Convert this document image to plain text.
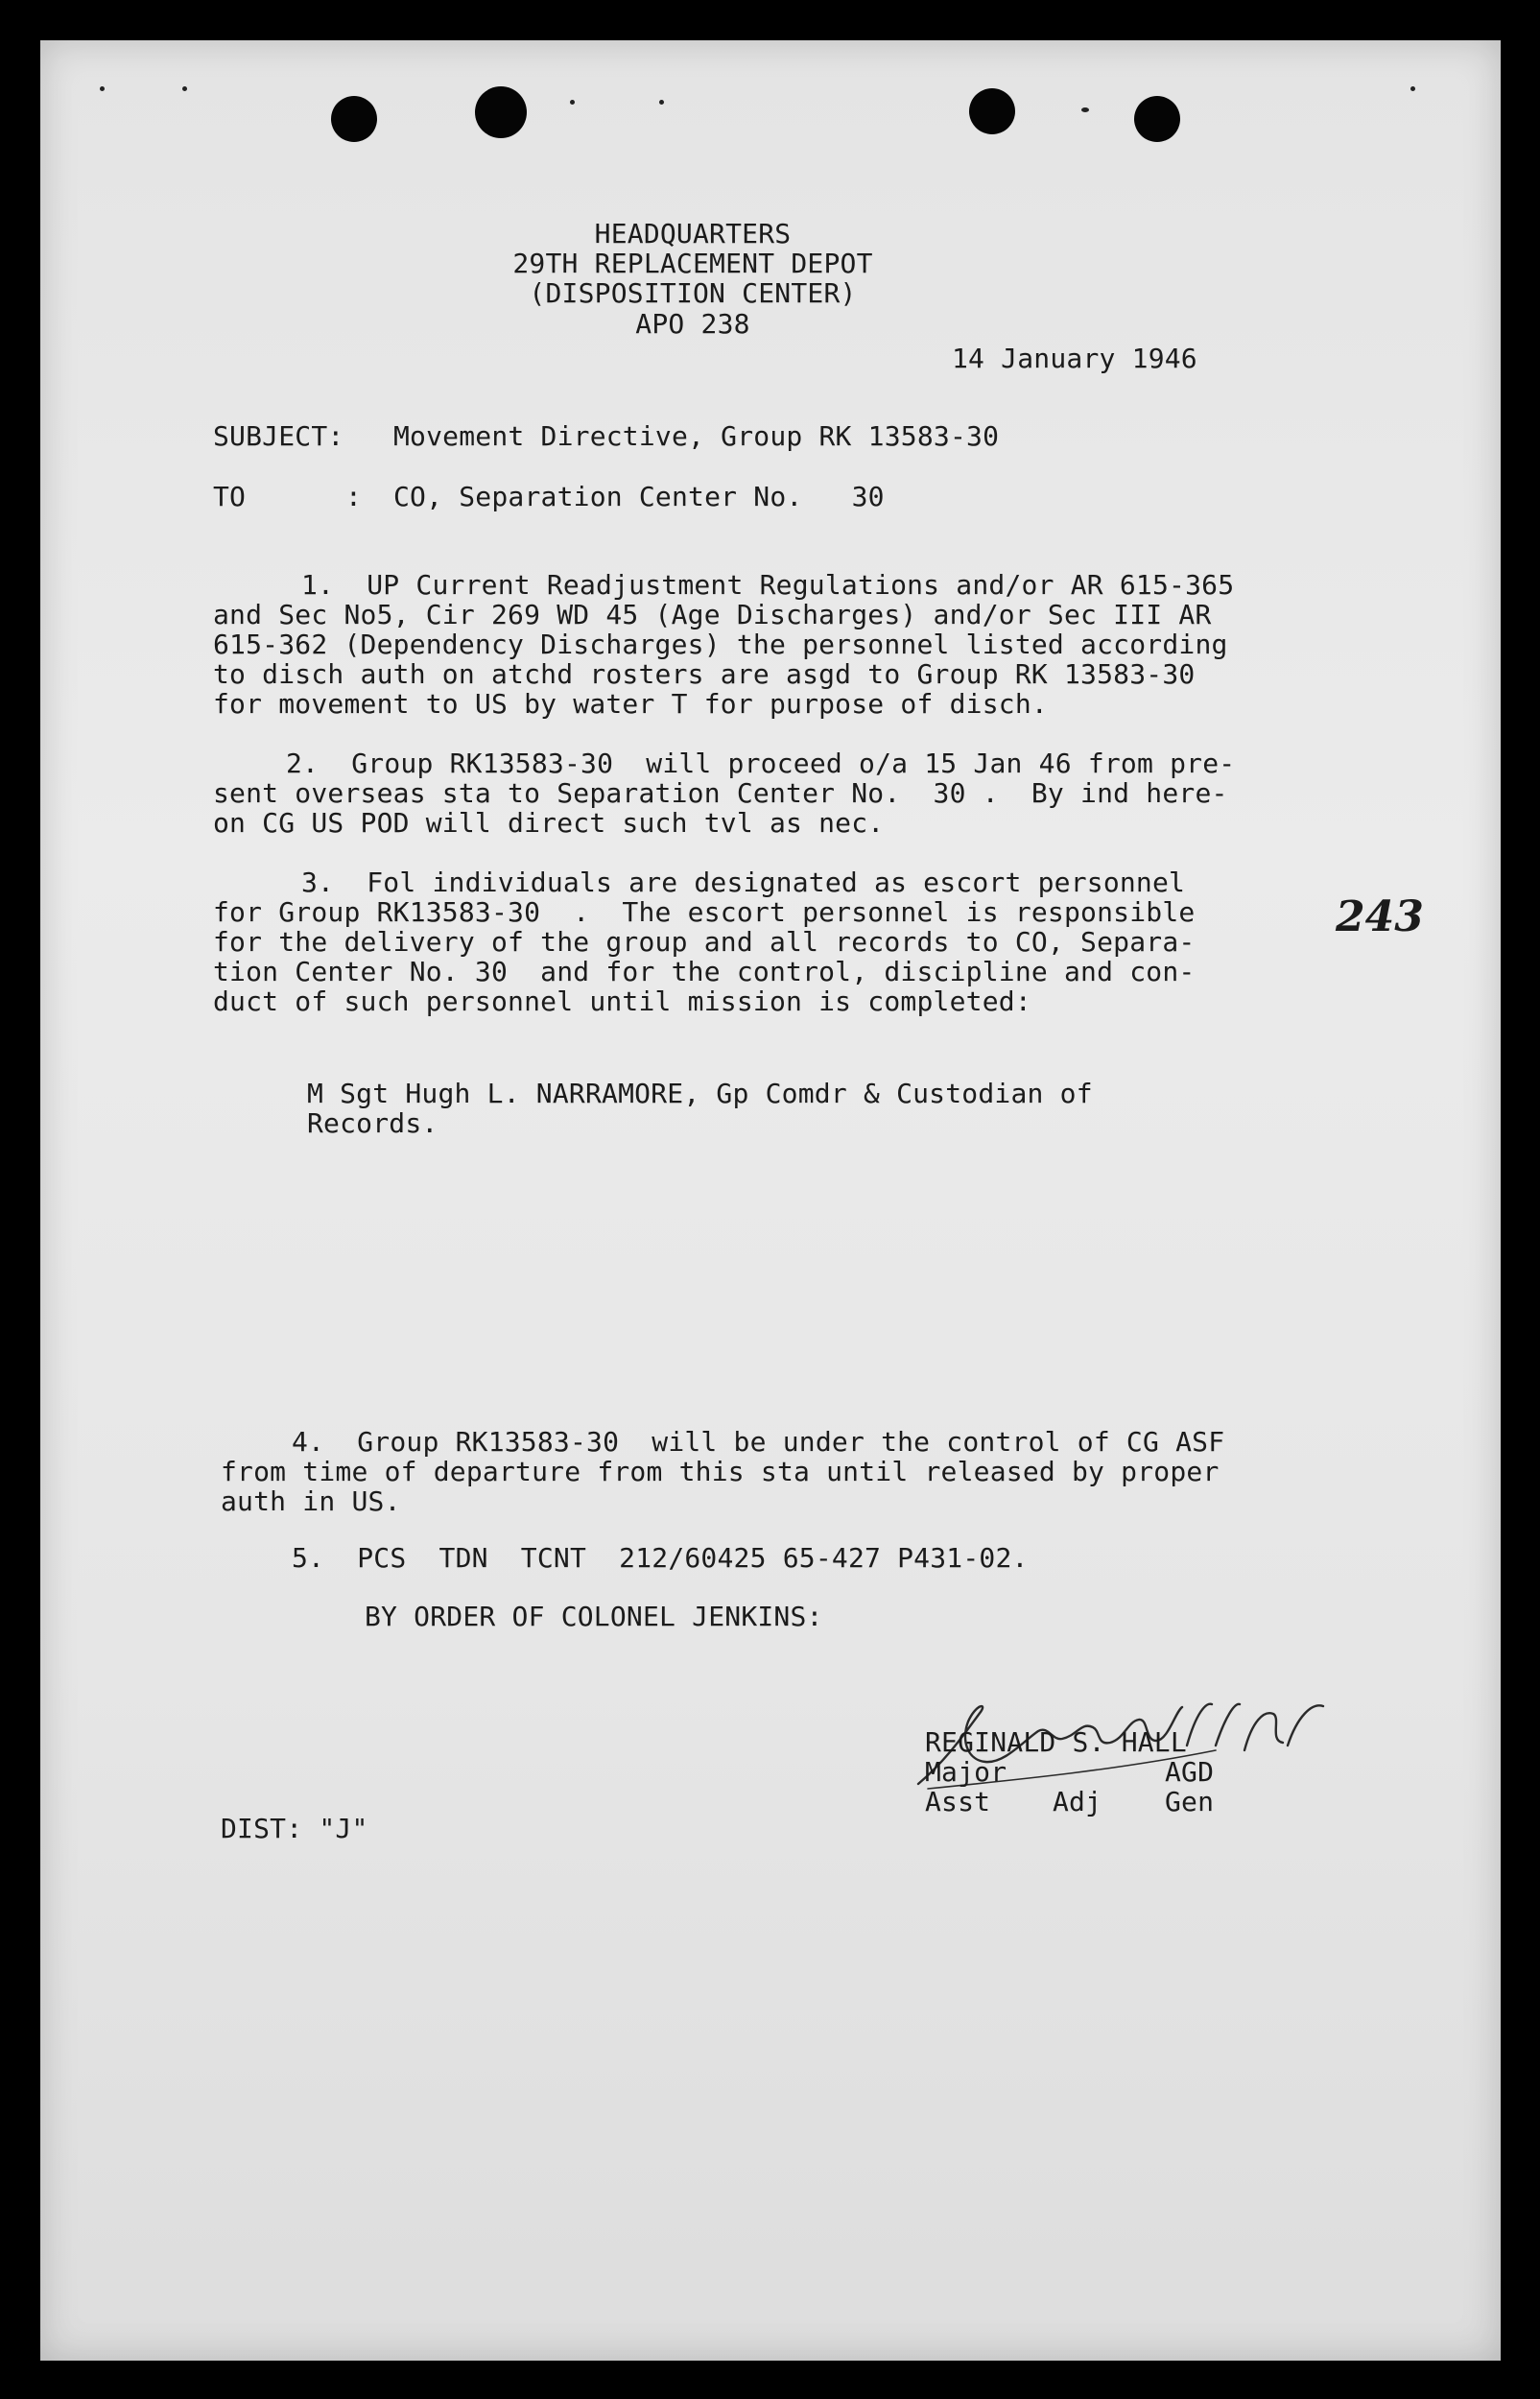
HEADQUARTERS
29TH REPLACEMENT DEPOT
(DISPOSITION CENTER)
APO 238
14 January 1946
SUBJECT: Movement Directive, Group RK 13583-30
TO	: CO, Separation Center No.   30
1.  UP Current Readjustment Regulations and/or AR 615-365
and Sec No5, Cir 269 WD 45 (Age Discharges) and/or Sec III AR
615-362 (Dependency Discharges) the personnel listed according
to disch auth on atchd rosters are asgd to Group RK 13583-30
for movement to US by water T for purpose of disch.
2.  Group RK13583-30  will proceed o/a 15 Jan 46 from pre-
sent overseas sta to Separation Center No.  30 .  By ind here-
on CG US POD will direct such tvl as nec.
3.  Fol individuals are designated as escort personnel
for Group RK13583-30  .  The escort personnel is responsible
for the delivery of the group and all records to CO, Separa-
tion Center No. 30  and for the control, discipline and con-
duct of such personnel until mission is completed:
243
M Sgt Hugh L. NARRAMORE, Gp Comdr & Custodian of
Records.
4.  Group RK13583-30  will be under the control of CG ASF
from time of departure from this sta until released by proper
auth in US.
5.  PCS  TDN  TCNT  212/60425 65-427 P431-02.
BY ORDER OF COLONEL JENKINS:
REGINALD S. HALL
Major	AGD
Asst Adj Gen
DIST: "J"
